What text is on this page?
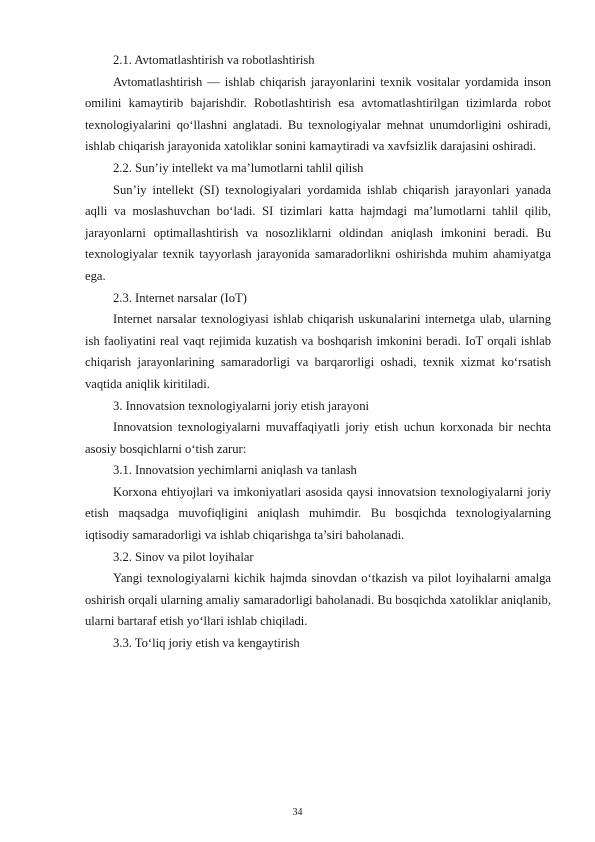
2.1. Avtomatlashtirish va robotlashtirish

Avtomatlashtirish — ishlab chiqarish jarayonlarini texnik vositalar yordamida inson omilini kamaytirib bajarishdir. Robotlashtirish esa avtomatlashtirilgan tizimlarda robot texnologiyalarini qo‘llashni anglatadi. Bu texnologiyalar mehnat unumdorligini oshiradi, ishlab chiqarish jarayonida xatoliklar sonini kamaytiradi va xavfsizlik darajasini oshiradi.

2.2. Sun’iy intellekt va ma’lumotlarni tahlil qilish

Sun’iy intellekt (SI) texnologiyalari yordamida ishlab chiqarish jarayonlari yanada aqlli va moslashuvchan bo‘ladi. SI tizimlari katta hajmdagi ma’lumotlarni tahlil qilib, jarayonlarni optimallashtirish va nosozliklarni oldindan aniqlash imkonini beradi. Bu texnologiyalar texnik tayyorlash jarayonida samaradorlikni oshirishda muhim ahamiyatga ega.

2.3. Internet narsalar (IoT)

Internet narsalar texnologiyasi ishlab chiqarish uskunalarini internetga ulab, ularning ish faoliyatini real vaqt rejimida kuzatish va boshqarish imkonini beradi. IoT orqali ishlab chiqarish jarayonlarining samaradorligi va barqarorligi oshadi, texnik xizmat ko‘rsatish vaqtida aniqlik kiritiladi.

3. Innovatsion texnologiyalarni joriy etish jarayoni

Innovatsion texnologiyalarni muvaffaqiyatli joriy etish uchun korxonada bir nechta asosiy bosqichlarni o‘tish zarur:

3.1. Innovatsion yechimlarni aniqlash va tanlash

Korxona ehtiyojlari va imkoniyatlari asosida qaysi innovatsion texnologiyalarni joriy etish maqsadga muvofiqligini aniqlash muhimdir. Bu bosqichda texnologiyalarning iqtisodiy samaradorligi va ishlab chiqarishga ta’siri baholanadi.

3.2. Sinov va pilot loyihalar

Yangi texnologiyalarni kichik hajmda sinovdan o‘tkazish va pilot loyihalarni amalga oshirish orqali ularning amaliy samaradorligi baholanadi. Bu bosqichda xatoliklar aniqlanib, ularni bartaraf etish yo‘llari ishlab chiqiladi.

3.3. To‘liq joriy etish va kengaytirish

34
